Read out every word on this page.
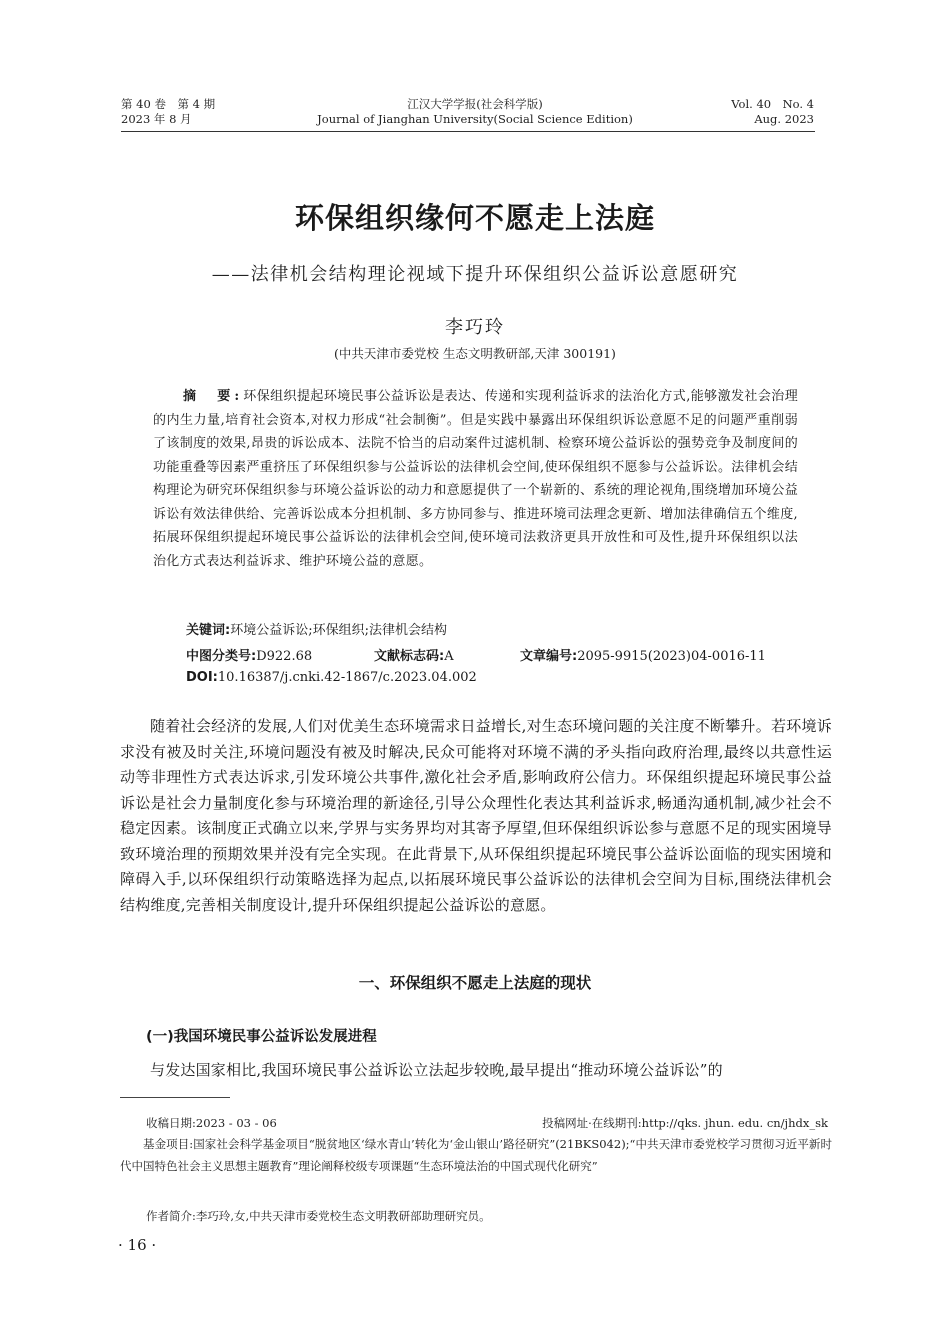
第 40 卷　第 4 期
2023 年 8 月
江汉大学学报(社会科学版)
Journal of Jianghan University(Social Science Edition)
Vol. 40　No. 4
Aug. 2023
环保组织缘何不愿走上法庭
——法律机会结构理论视域下提升环保组织公益诉讼意愿研究
李巧玲
(中共天津市委党校 生态文明教研部,天津 300191)
摘　要:环保组织提起环境民事公益诉讼是表达、传递和实现利益诉求的法治化方式,能够激发社会治理的内生力量,培育社会资本,对权力形成“社会制衡”。但是实践中暴露出环保组织诉讼意愿不足的问题严重削弱了该制度的效果,昂贵的诉讼成本、法院不恰当的启动案件过滤机制、检察环境公益诉讼的强势竞争及制度间的功能重叠等因素严重挤压了环保组织参与公益诉讼的法律机会空间,使环保组织不愿参与公益诉讼。法律机会结构理论为研究环保组织参与环境公益诉讼的动力和意愿提供了一个崭新的、系统的理论视角,围绕增加环境公益诉讼有效法律供给、完善诉讼成本分担机制、多方协同参与、推进环境司法理念更新、增加法律确信五个维度,拓展环保组织提起环境民事公益诉讼的法律机会空间,使环境司法救济更具开放性和可及性,提升环保组织以法治化方式表达利益诉求、维护环境公益的意愿。
关键词:环境公益诉讼;环保组织;法律机会结构
中图分类号:D922.68	文献标志码:A	文章编号:2095-9915(2023)04-0016-11
DOI:10.16387/j.cnki.42-1867/c.2023.04.002
随着社会经济的发展,人们对优美生态环境需求日益增长,对生态环境问题的关注度不断攀升。若环境诉求没有被及时关注,环境问题没有被及时解决,民众可能将对环境不满的矛头指向政府治理,最终以共意性运动等非理性方式表达诉求,引发环境公共事件,激化社会矛盾,影响政府公信力。环保组织提起环境民事公益诉讼是社会力量制度化参与环境治理的新途径,引导公众理性化表达其利益诉求,畅通沟通机制,减少社会不稳定因素。该制度正式确立以来,学界与实务界均对其寄予厚望,但环保组织诉讼参与意愿不足的现实困境导致环境治理的预期效果并没有完全实现。在此背景下,从环保组织提起环境民事公益诉讼面临的现实困境和障碍入手,以环保组织行动策略选择为起点,以拓展环境民事公益诉讼的法律机会空间为目标,围绕法律机会结构维度,完善相关制度设计,提升环保组织提起公益诉讼的意愿。
一、环保组织不愿走上法庭的现状
(一)我国环境民事公益诉讼发展进程
与发达国家相比,我国环境民事公益诉讼立法起步较晚,最早提出“推动环境公益诉讼”的
收稿日期:2023 - 03 - 06	投稿网址·在线期刊:http://qks. jhun. edu. cn/jhdx_sk
基金项目:国家社会科学基金项目“脱贫地区‘绿水青山’转化为‘金山银山’路径研究”(21BKS042);“中共天津市委党校学习贯彻习近平新时代中国特色社会主义思想主题教育”理论阐释校级专项课题“生态环境法治的中国式现代化研究”
作者简介:李巧玲,女,中共天津市委党校生态文明教研部助理研究员。
· 16 ·
